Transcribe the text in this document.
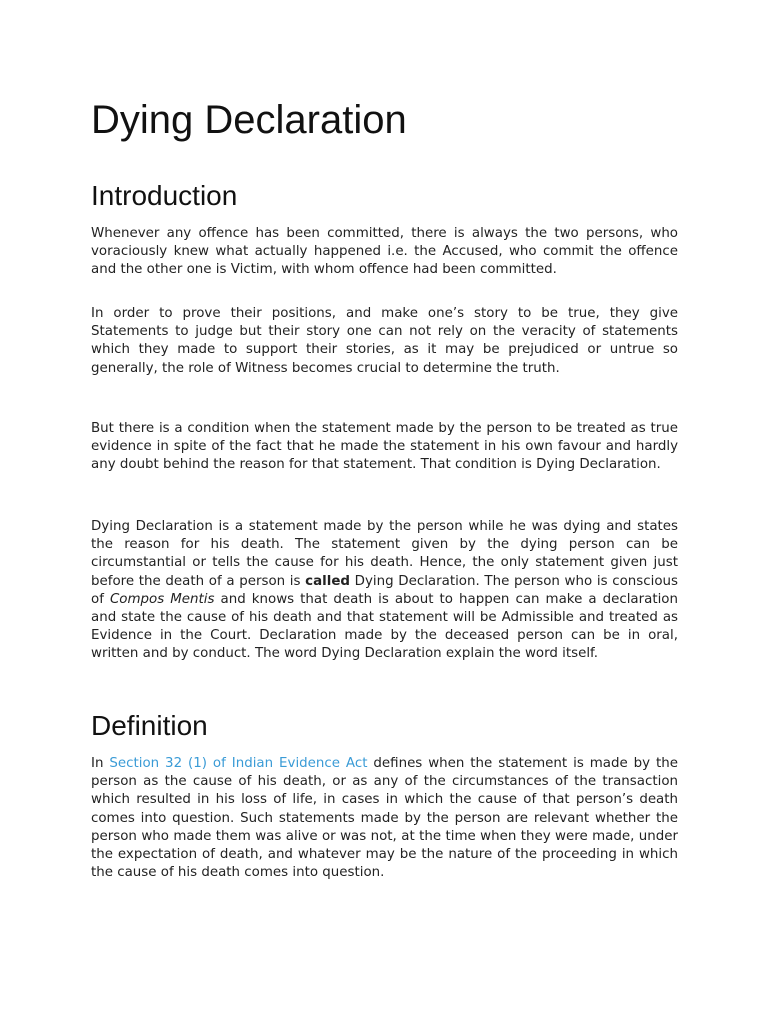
Dying Declaration
Introduction

Whenever any offence has been committed, there is always the two persons, who voraciously knew what actually happened i.e. the Accused, who commit the offence and the other one is Victim, with whom offence had been committed.

In order to prove their positions, and make one’s story to be true, they give Statements to judge but their story one can not rely on the veracity of statements which they made to support their stories, as it may be prejudiced or untrue so generally, the role of Witness becomes crucial to determine the truth.

But there is a condition when the statement made by the person to be treated as true evidence in spite of the fact that he made the statement in his own favour and hardly any doubt behind the reason for that statement. That condition is Dying Declaration.

Dying Declaration is a statement made by the person while he was dying and states the reason for his death. The statement given by the dying person can be circumstantial or tells the cause for his death. Hence, the only statement given just before the death of a person is called Dying Declaration. The person who is conscious of Compos Mentis and knows that death is about to happen can make a declaration and state the cause of his death and that statement will be Admissible and treated as Evidence in the Court. Declaration made by the deceased person can be in oral, written and by conduct. The word Dying Declaration explain the word itself.

Definition

In Section 32 (1) of Indian Evidence Act defines when the statement is made by the person as the cause of his death, or as any of the circumstances of the transaction which resulted in his loss of life, in cases in which the cause of that person’s death comes into question. Such statements made by the person are relevant whether the person who made them was alive or was not, at the time when they were made, under the expectation of death, and whatever may be the nature of the proceeding in which the cause of his death comes into question.
